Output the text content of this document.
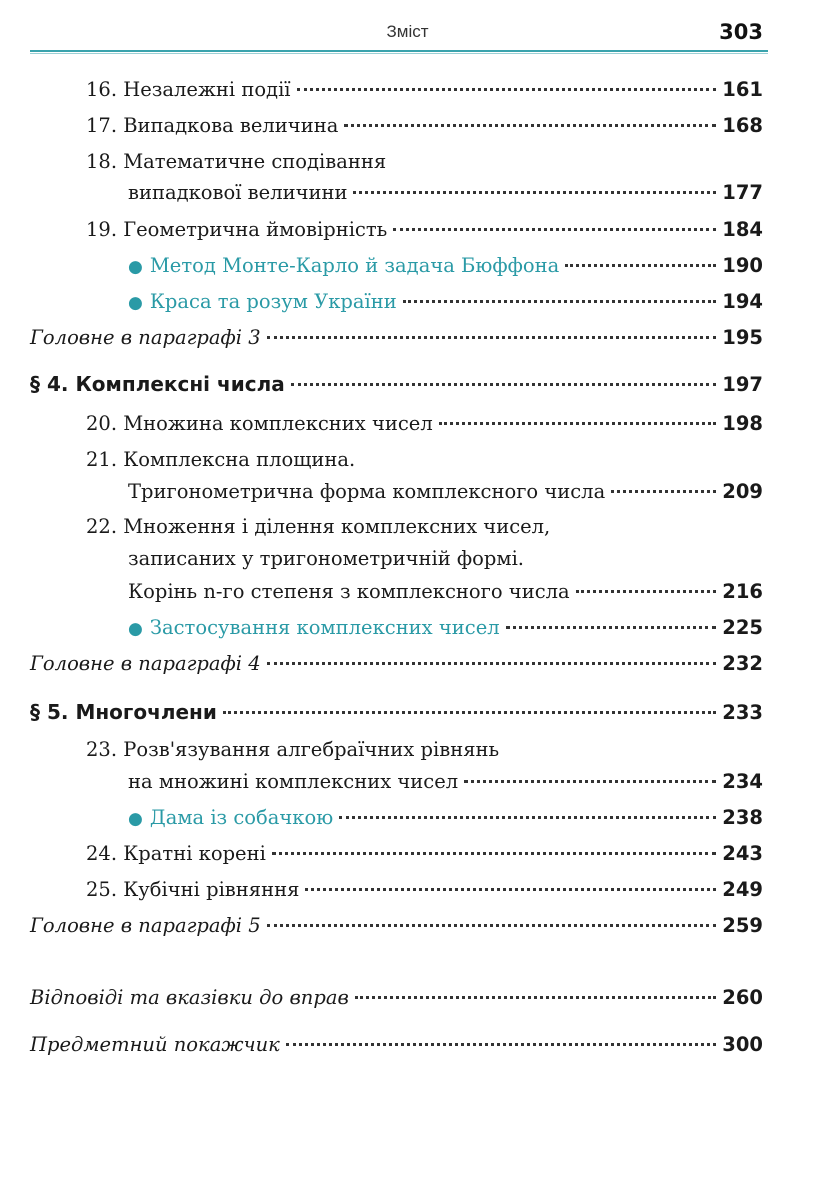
Зміст	303
16. Незалежні події	161
17. Випадкова величина	168
18. Математичне сподівання
випадкової величини	177
19. Геометрична ймовірність	184
● Метод Монте-Карло й задача Бюффона	190
● Краса та розум України	194
Головне в параграфі 3	195
§ 4. Комплексні числа	197
20. Множина комплексних чисел	198
21. Комплексна площина.
Тригонометрична форма комплексного числа	209
22. Множення і ділення комплексних чисел,
записаних у тригонометричній формі.
Корінь n-го степеня з комплексного числа	216
● Застосування комплексних чисел	225
Головне в параграфі 4	232
§ 5. Многочлени	233
23. Розв'язування алгебраїчних рівнянь
на множині комплексних чисел	234
● Дама із собачкою	238
24. Кратні корені	243
25. Кубічні рівняння	249
Головне в параграфі 5	259
Відповіді та вказівки до вправ	260
Предметний покажчик	300
